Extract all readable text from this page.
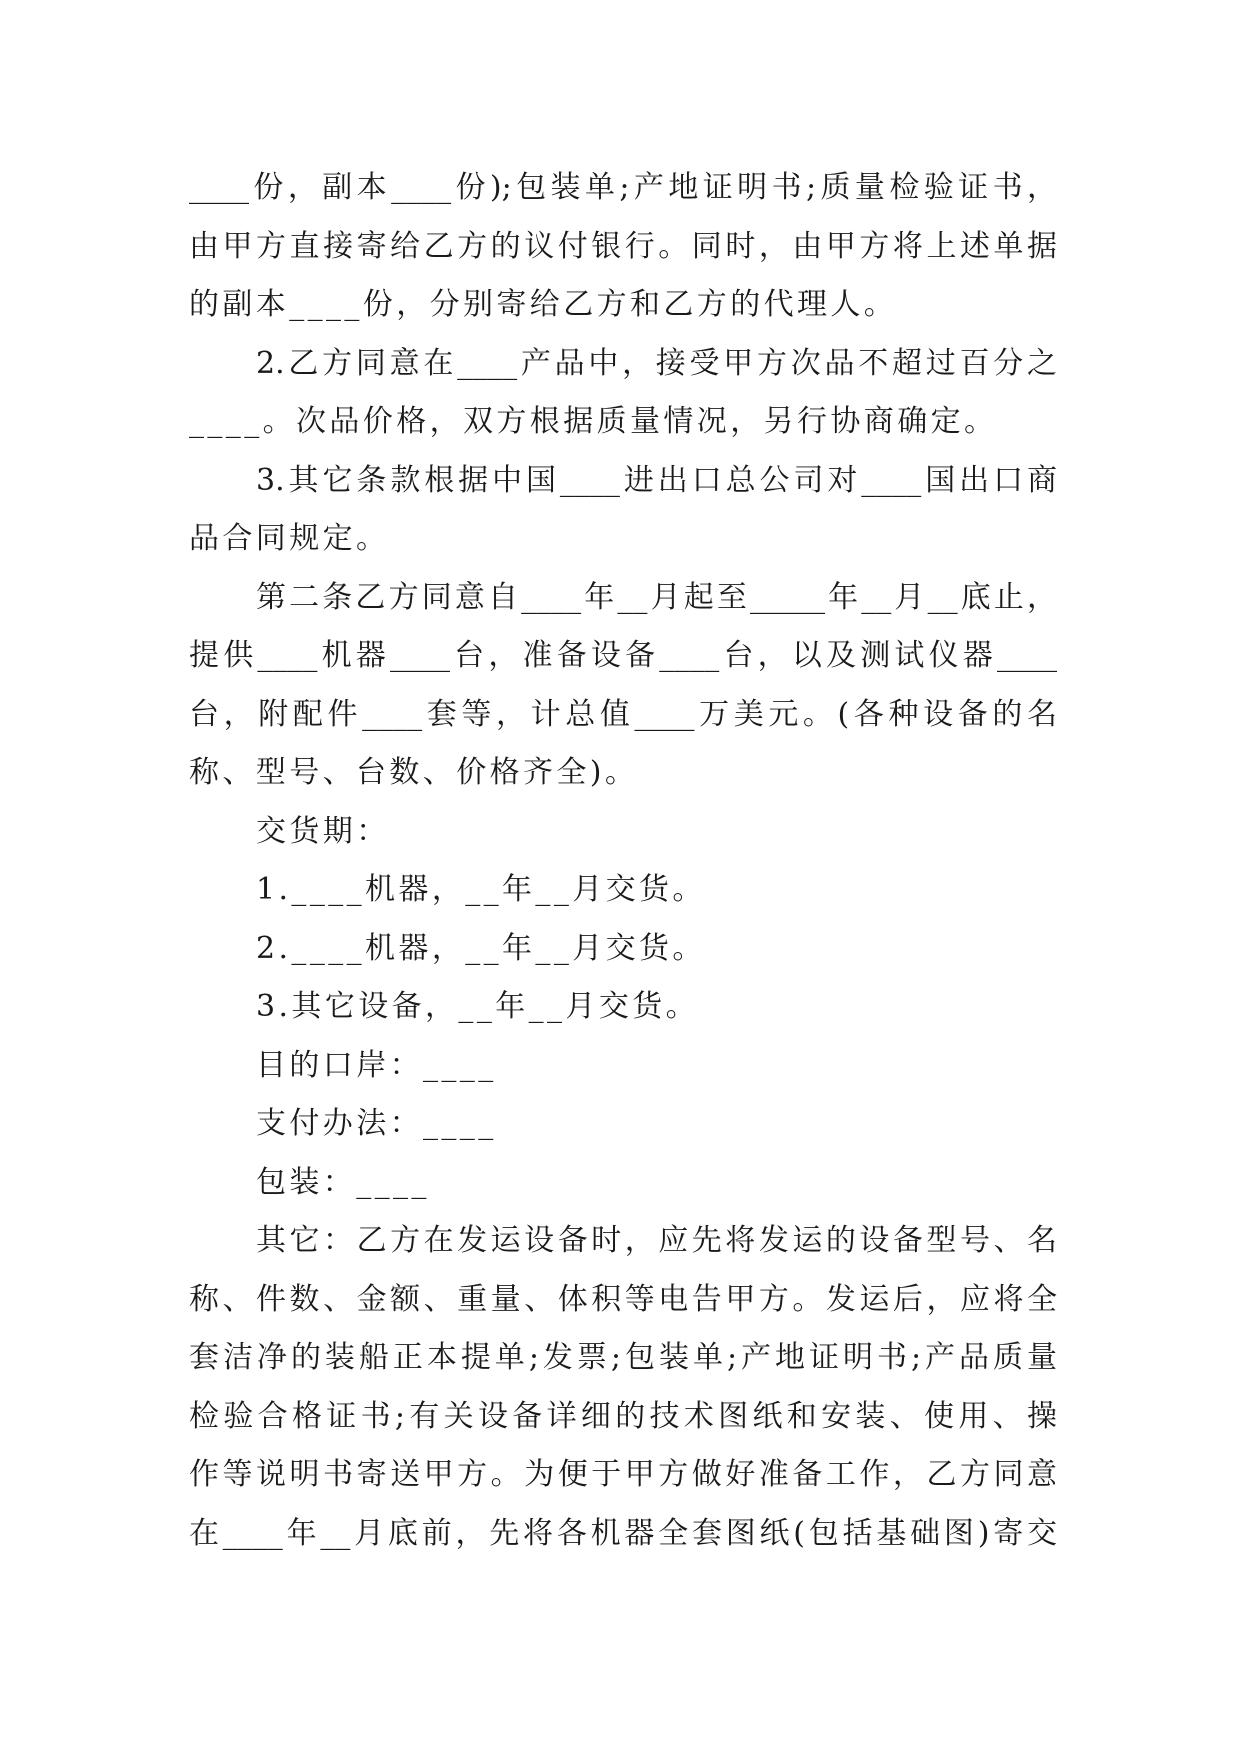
____份，副本____份);包装单;产地证明书;质量检验证书，
由甲方直接寄给乙方的议付银行。同时，由甲方将上述单据
的副本____份，分别寄给乙方和乙方的代理人。
2.乙方同意在____产品中，接受甲方次品不超过百分之
____。次品价格，双方根据质量情况，另行协商确定。
3.其它条款根据中国____进出口总公司对____国出口商
品合同规定。
第二条乙方同意自____年__月起至_____年__月__底止，
提供____机器____台，准备设备____台，以及测试仪器____
台，附配件____套等，计总值____万美元。(各种设备的名
称、型号、台数、价格齐全)。
交货期：
1.____机器，__年__月交货。
2.____机器，__年__月交货。
3.其它设备，__年__月交货。
目的口岸：____
支付办法：____
包装：____
其它：乙方在发运设备时，应先将发运的设备型号、名
称、件数、金额、重量、体积等电告甲方。发运后，应将全
套洁净的装船正本提单;发票;包装单;产地证明书;产品质量
检验合格证书;有关设备详细的技术图纸和安装、使用、操
作等说明书寄送甲方。为便于甲方做好准备工作，乙方同意
在____年__月底前，先将各机器全套图纸(包括基础图)寄交
